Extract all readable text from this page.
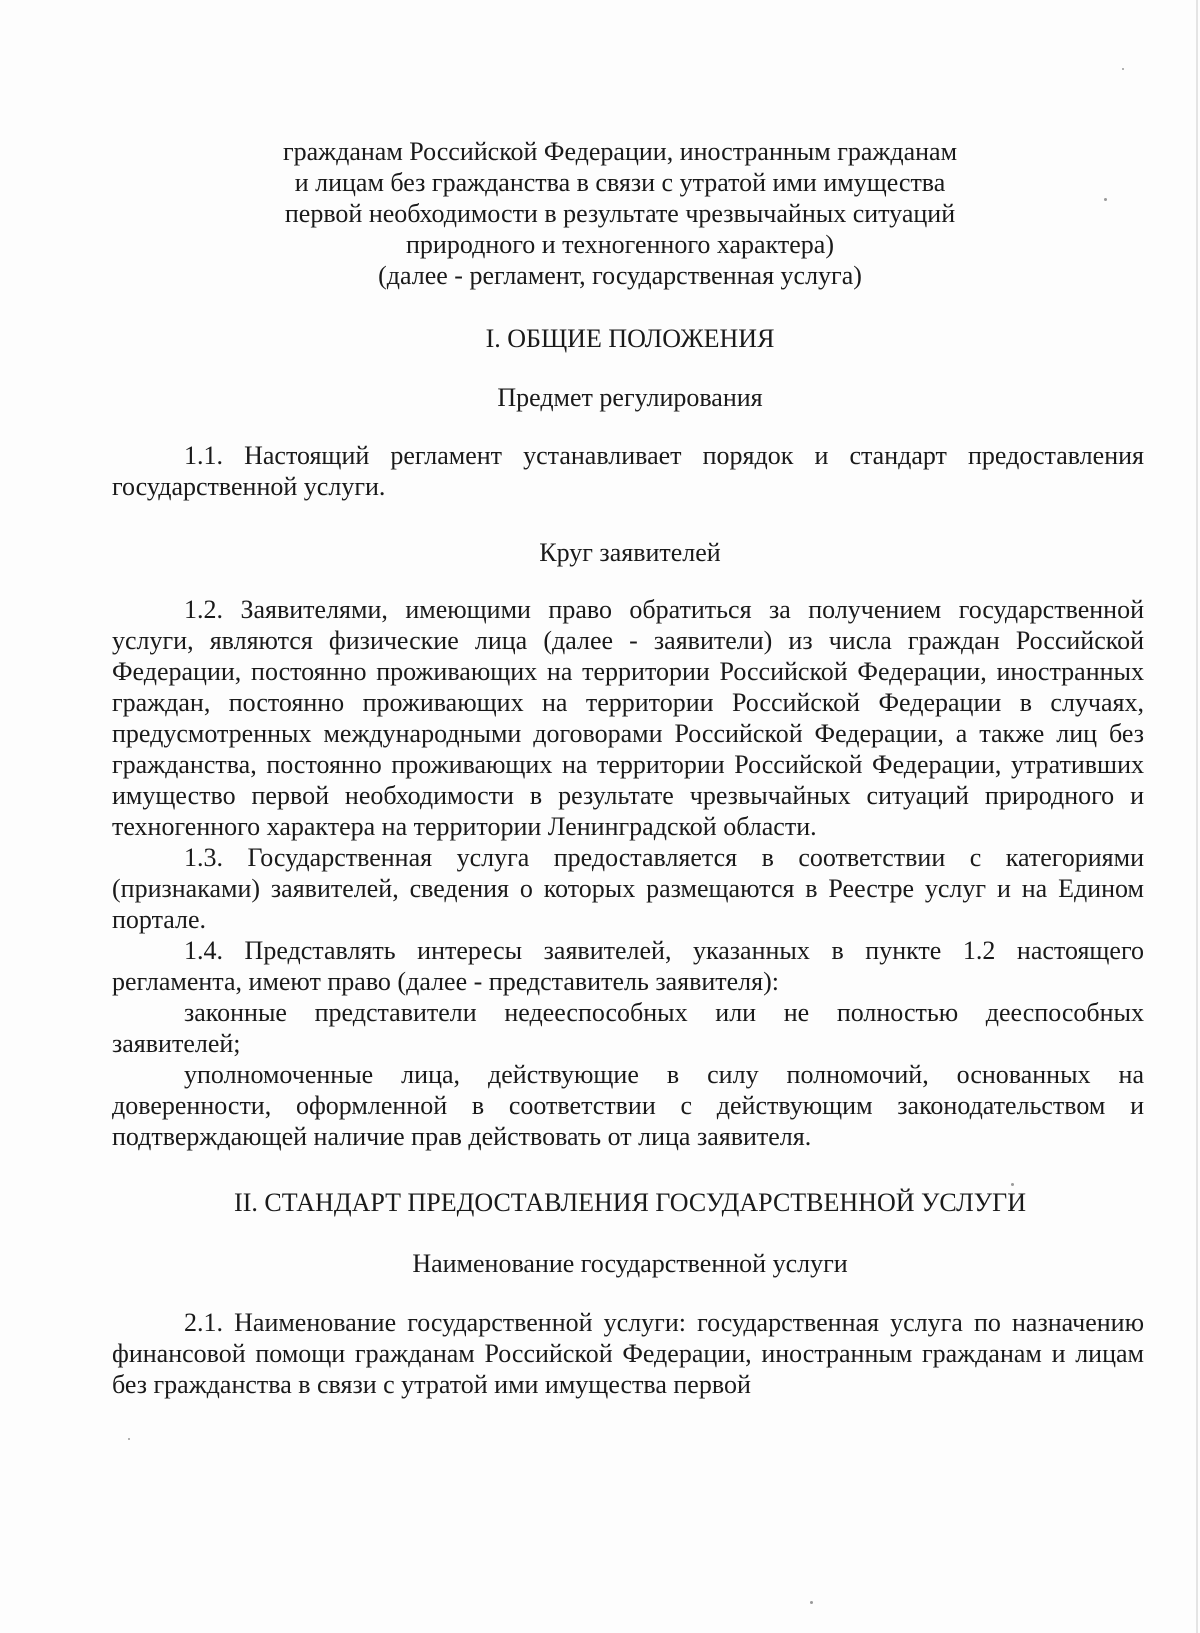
гражданам Российской Федерации, иностранным гражданам
и лицам без гражданства в связи с утратой ими имущества
первой необходимости в результате чрезвычайных ситуаций
природного и техногенного характера)
(далее - регламент, государственная услуга)
I. ОБЩИЕ ПОЛОЖЕНИЯ
Предмет регулирования

1.1. Настоящий регламент устанавливает порядок и стандарт предоставления государственной услуги.

Круг заявителей

1.2. Заявителями, имеющими право обратиться за получением государственной услуги, являются физические лица (далее - заявители) из числа граждан Российской Федерации, постоянно проживающих на территории Российской Федерации, иностранных граждан, постоянно проживающих на территории Российской Федерации в случаях, предусмотренных международными договорами Российской Федерации, а также лиц без гражданства, постоянно проживающих на территории Российской Федерации, утративших имущество первой необходимости в результате чрезвычайных ситуаций природного и техногенного характера на территории Ленинградской области.

1.3. Государственная услуга предоставляется в соответствии с категориями (признаками) заявителей, сведения о которых размещаются в Реестре услуг и на Едином портале.

1.4. Представлять интересы заявителей, указанных в пункте 1.2 настоящего регламента, имеют право (далее - представитель заявителя):

законные представители недееспособных или не полностью дееспособных заявителей;

уполномоченные лица, действующие в силу полномочий, основанных на доверенности, оформленной в соответствии с действующим законодательством и подтверждающей наличие прав действовать от лица заявителя.

II. СТАНДАРТ ПРЕДОСТАВЛЕНИЯ ГОСУДАРСТВЕННОЙ УСЛУГИ
Наименование государственной услуги

2.1. Наименование государственной услуги: государственная услуга по назначению финансовой помощи гражданам Российской Федерации, иностранным гражданам и лицам без гражданства в связи с утратой ими имущества первой
